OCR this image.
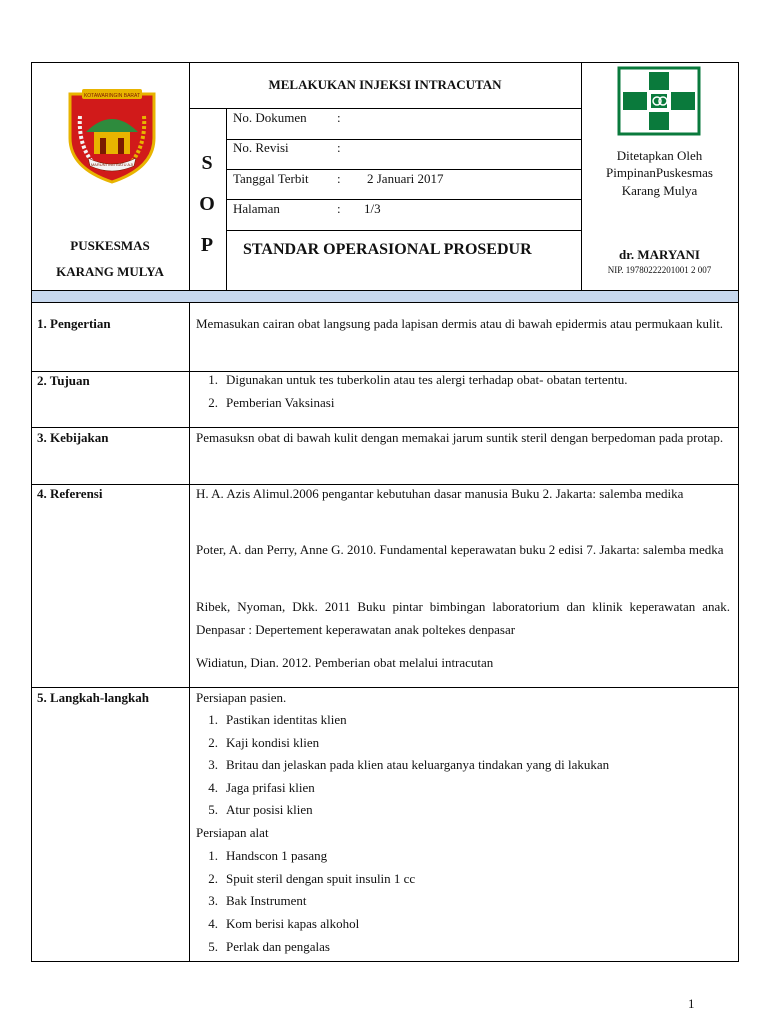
KOTAWARINGIN BARAT
MARUNTING BATU AJI
PUSKESMAS
KARANG MULYA
MELAKUKAN INJEKSI INTRACUTAN
S
O
P
No. Dokumen :
No. Revisi	:
Tanggal Terbit : 2 Januari 2017
Halaman	: 1/3
STANDAR OPERASIONAL PROSEDUR
Ditetapkan Oleh
PimpinanPuskesmas
Karang Mulya
dr. MARYANI
NIP. 19780222201001 2 007
1. Pengertian	Memasukan cairan obat langsung pada lapisan dermis atau di bawah epidermis atau permukaan kulit.
2. Tujuan	1. Digunakan untuk tes tuberkolin atau tes alergi terhadap obat- obatan tertentu.
2. Pemberian Vaksinasi
3. Kebijakan	Pemasuksn obat di bawah kulit dengan memakai jarum suntik steril dengan berpedoman pada protap.
4. Referensi	H. A. Azis Alimul.2006 pengantar kebutuhan dasar manusia Buku 2. Jakarta: salemba medika
Poter, A. dan Perry, Anne G. 2010. Fundamental keperawatan buku 2 edisi 7. Jakarta: salemba medka
Ribek, Nyoman, Dkk. 2011 Buku pintar bimbingan laboratorium dan klinik keperawatan anak. Denpasar : Depertement keperawatan anak poltekes denpasar
Widiatun, Dian. 2012. Pemberian obat melalui intracutan
5. Langkah-langkah	Persiapan pasien.
1. Pastikan identitas klien
2. Kaji kondisi klien
3. Britau dan jelaskan pada klien atau keluarganya tindakan yang di lakukan
4. Jaga prifasi klien
5. Atur posisi klien
Persiapan alat
1. Handscon 1 pasang
2. Spuit steril dengan spuit insulin 1 cc
3. Bak Instrument
4. Kom berisi kapas alkohol
5. Perlak dan pengalas
1
